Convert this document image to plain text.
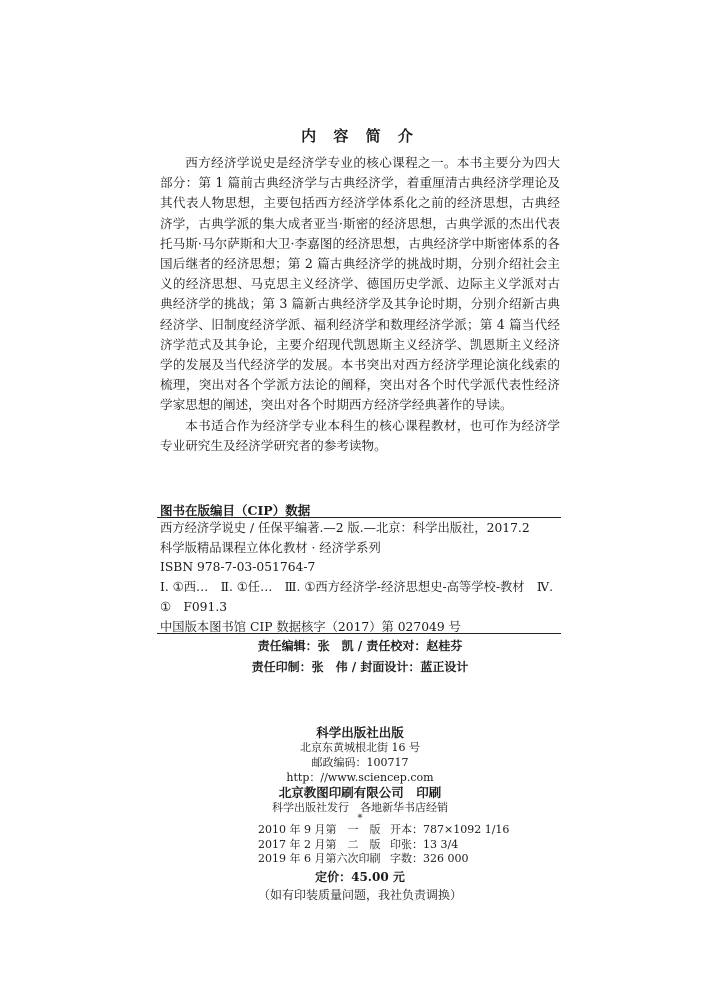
内 容 简 介

西方经济学说史是经济学专业的核心课程之一。本书主要分为四大部分：第 1 篇前古典经济学与古典经济学，着重厘清古典经济学理论及其代表人物思想，主要包括西方经济学体系化之前的经济思想，古典经济学，古典学派的集大成者亚当·斯密的经济思想，古典学派的杰出代表托马斯·马尔萨斯和大卫·李嘉图的经济思想，古典经济学中斯密体系的各国后继者的经济思想；第 2 篇古典经济学的挑战时期，分别介绍社会主义的经济思想、马克思主义经济学、德国历史学派、边际主义学派对古典经济学的挑战；第 3 篇新古典经济学及其争论时期，分别介绍新古典经济学、旧制度经济学派、福利经济学和数理经济学派；第 4 篇当代经济学范式及其争论，主要介绍现代凯恩斯主义经济学、凯恩斯主义经济学的发展及当代经济学的发展。本书突出对西方经济学理论演化线索的梳理，突出对各个学派方法论的阐释，突出对各个时代学派代表性经济学家思想的阐述，突出对各个时期西方经济学经典著作的导读。

本书适合作为经济学专业本科生的核心课程教材，也可作为经济学专业研究生及经济学研究者的参考读物。

图书在版编目（CIP）数据
西方经济学说史 / 任保平编著.—2 版.—北京：科学出版社，2017.2
科学版精品课程立体化教材 · 经济学系列
ISBN 978-7-03-051764-7
Ⅰ. ①西…　Ⅱ. ①任…　Ⅲ. ①西方经济学-经济思想史-高等学校-教材　Ⅳ. ①　F091.3
中国版本图书馆 CIP 数据核字（2017）第 027049 号
责任编辑：张　凯 / 责任校对：赵桂芬
责任印制：张　伟 / 封面设计：蓝正设计
科学出版社出版
北京东黄城根北街 16 号
邮政编码：100717
http：//www.sciencep.com
北京教图印刷有限公司　印刷
科学出版社发行　各地新华书店经销
*
2010 年 9 月第　一　版 开本：787×1092 1/16
2017 年 2 月第　二　版 印张：13 3/4
2019 年 6 月第六次印刷 字数：326 000
定价：45.00 元
（如有印装质量问题，我社负责调换）
